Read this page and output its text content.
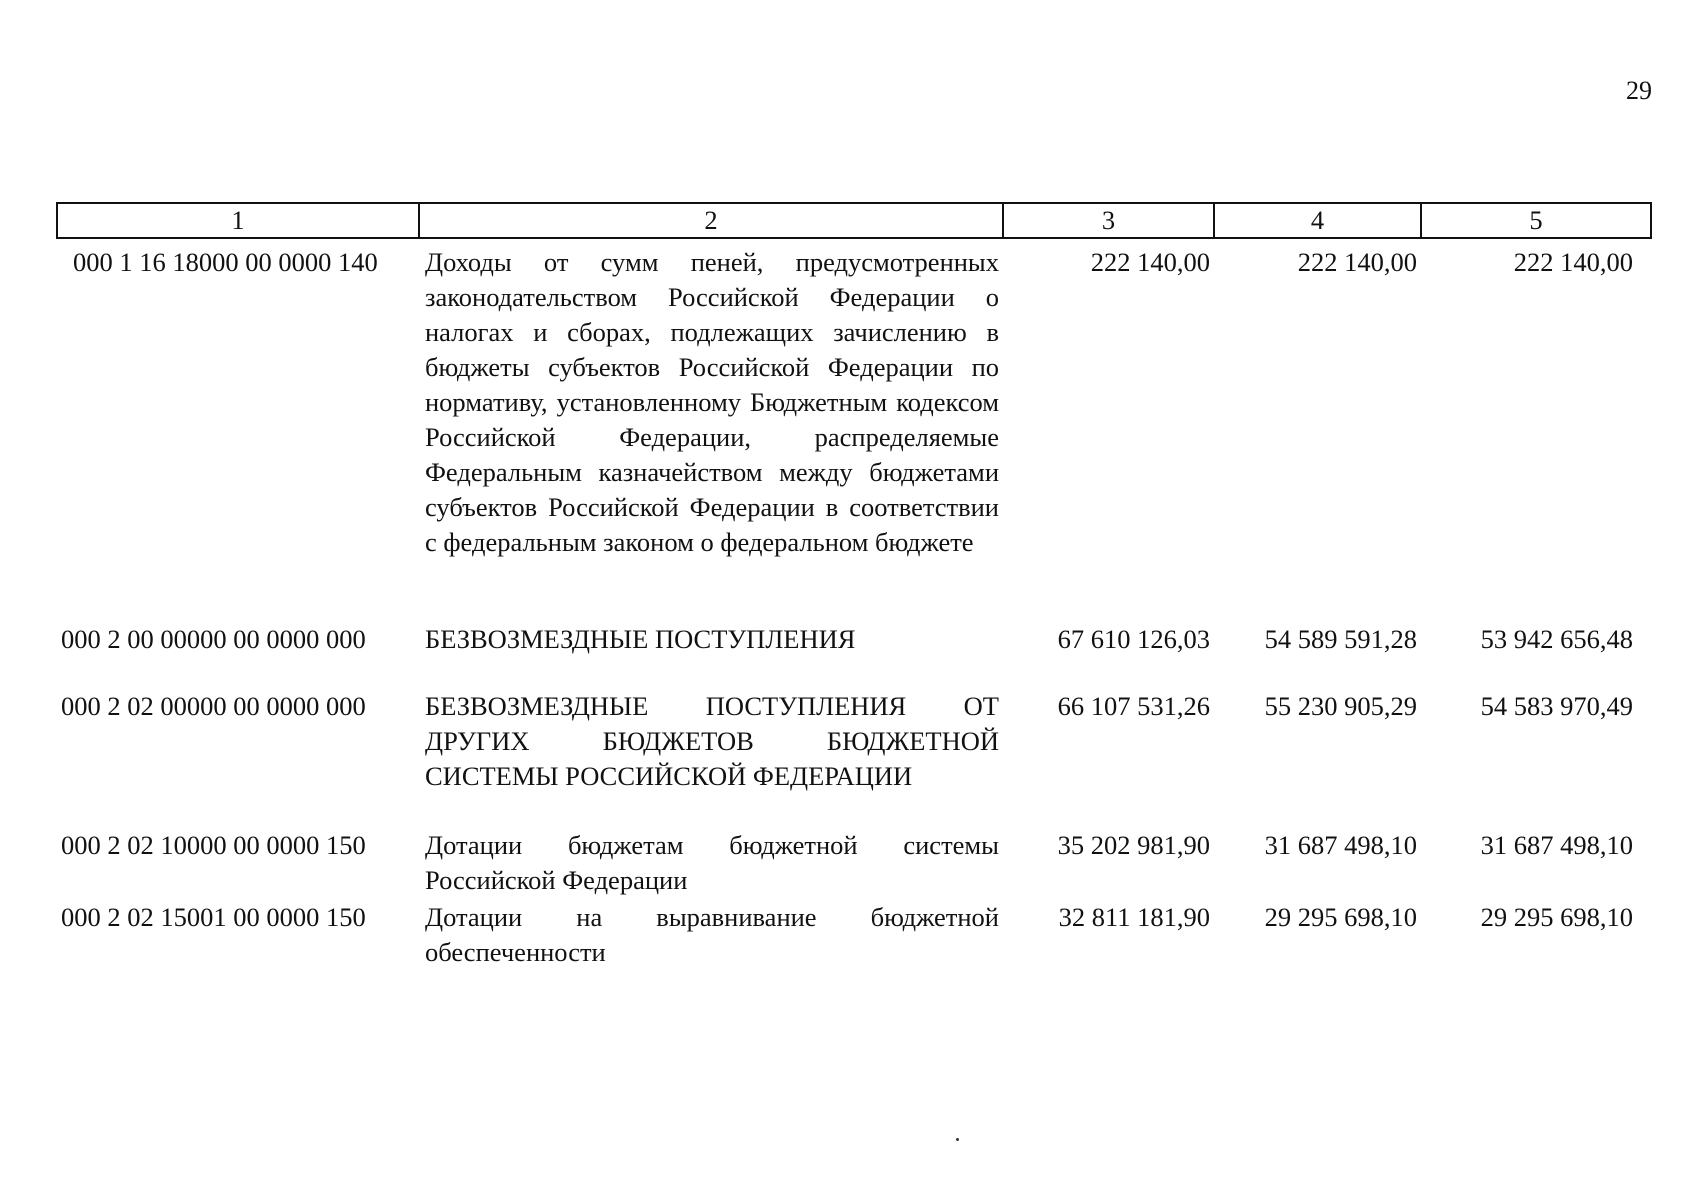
29
1	2	3	4	5
000 1 16 18000 00 0000 140	Доходы от сумм пеней, предусмотренных законодательством Российской Федерации о налогах и сборах, подлежащих зачислению в бюджеты субъектов Российской Федерации по нормативу, установленному Бюджетным кодексом Российской Федерации, распределяемые Федеральным казначейством между бюджетами субъектов Российской Федерации в соответствии с федеральным законом о федеральном бюджете	222 140,00	222 140,00	222 140,00
000 2 00 00000 00 0000 000	БЕЗВОЗМЕЗДНЫЕ ПОСТУПЛЕНИЯ	67 610 126,03	54 589 591,28	53 942 656,48
000 2 02 00000 00 0000 000	БЕЗВОЗМЕЗДНЫЕ ПОСТУПЛЕНИЯ ОТ ДРУГИХ БЮДЖЕТОВ БЮДЖЕТНОЙ СИСТЕМЫ РОССИЙСКОЙ ФЕДЕРАЦИИ	66 107 531,26	55 230 905,29	54 583 970,49
000 2 02 10000 00 0000 150	Дотации бюджетам бюджетной системы Российской Федерации	35 202 981,90	31 687 498,10	31 687 498,10
000 2 02 15001 00 0000 150	Дотации на выравнивание бюджетной обеспеченности	32 811 181,90	29 295 698,10	29 295 698,10
